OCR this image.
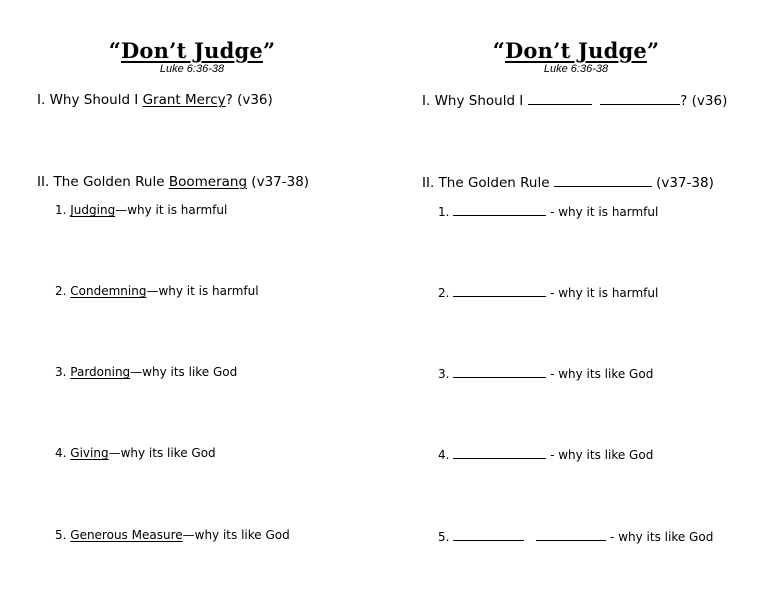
“Don’t Judge”
Luke 6:36-38
I. Why Should I Grant Mercy? (v36)
II. The Golden Rule Boomerang (v37-38)
1. Judging—why it is harmful
2. Condemning—why it is harmful
3. Pardoning—why its like God
4. Giving—why its like God
5. Generous Measure—why its like God
“Don’t Judge”
Luke 6:36-38
I. Why Should I	? (v36)
II. The Golden Rule	(v37-38)
1.	- why it is harmful
2.	- why it is harmful
3.	- why its like God
4.	- why its like God
5.	- why its like God
